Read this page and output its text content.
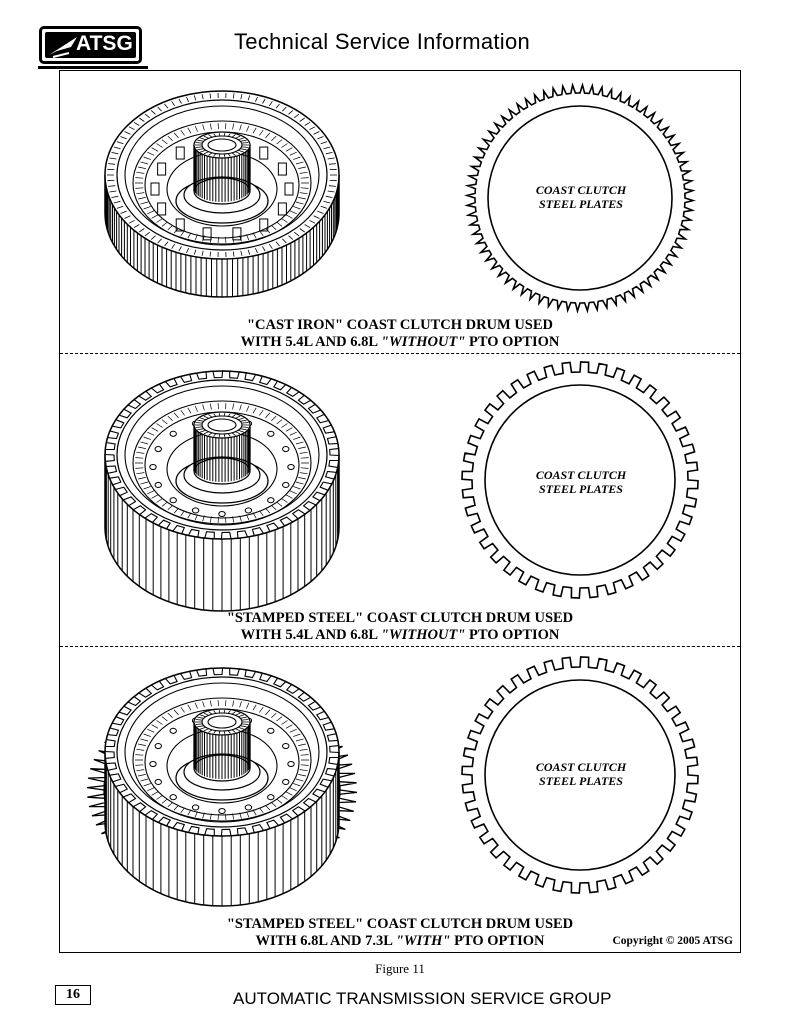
ATSG	Technical Service Information
COAST CLUTCH
STEEL PLATES
COAST CLUTCH
STEEL PLATES
COAST CLUTCH
STEEL PLATES
"CAST IRON" COAST CLUTCH DRUM USED
WITH 5.4L AND 6.8L "WITHOUT" PTO OPTION
"STAMPED STEEL" COAST CLUTCH DRUM USED
WITH 5.4L AND 6.8L "WITHOUT" PTO OPTION
"STAMPED STEEL" COAST CLUTCH DRUM USED
WITH 6.8L AND 7.3L "WITH" PTO OPTION	Copyright © 2005 ATSG
Figure 11
16	AUTOMATIC TRANSMISSION SERVICE GROUP
